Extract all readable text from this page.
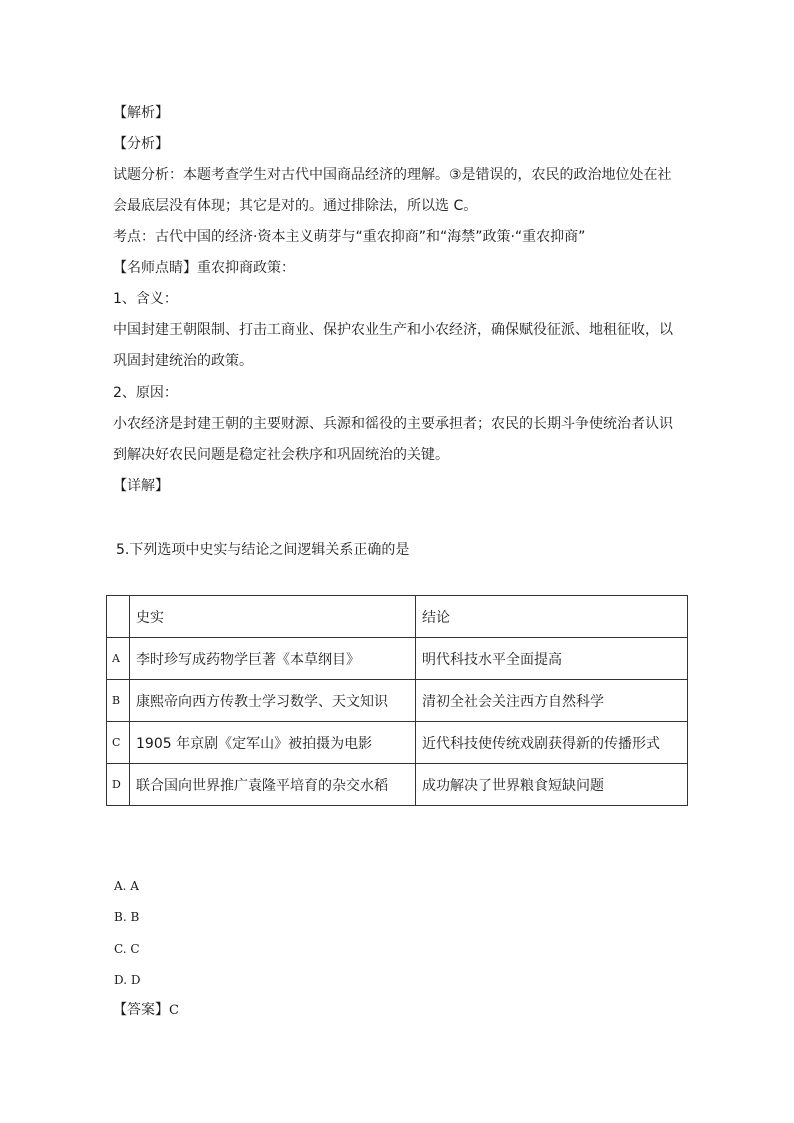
【解析】
【分析】
试题分析：本题考查学生对古代中国商品经济的理解。③是错误的，农民的政治地位处在社
会最底层没有体现；其它是对的。通过排除法，所以选 C。
考点：古代中国的经济·资本主义萌芽与“重农抑商”和“海禁”政策·“重农抑商”
【名师点睛】重农抑商政策：
1、含义：
中国封建王朝限制、打击工商业、保护农业生产和小农经济，确保赋役征派、地租征收，以
巩固封建统治的政策。
2、原因：
小农经济是封建王朝的主要财源、兵源和徭役的主要承担者；农民的长期斗争使统治者认识
到解决好农民问题是稳定社会秩序和巩固统治的关键。
【详解】
5.下列选项中史实与结论之间逻辑关系正确的是
	史实	结论
A	李时珍写成药物学巨著《本草纲目》	明代科技水平全面提高
B	康熙帝向西方传教士学习数学、天文知识	清初全社会关注西方自然科学
C	1905 年京剧《定军山》被拍摄为电影	近代科技使传统戏剧获得新的传播形式
D	联合国向世界推广袁隆平培育的杂交水稻	成功解决了世界粮食短缺问题
A. A
B. B
C. C
D. D
【答案】C
